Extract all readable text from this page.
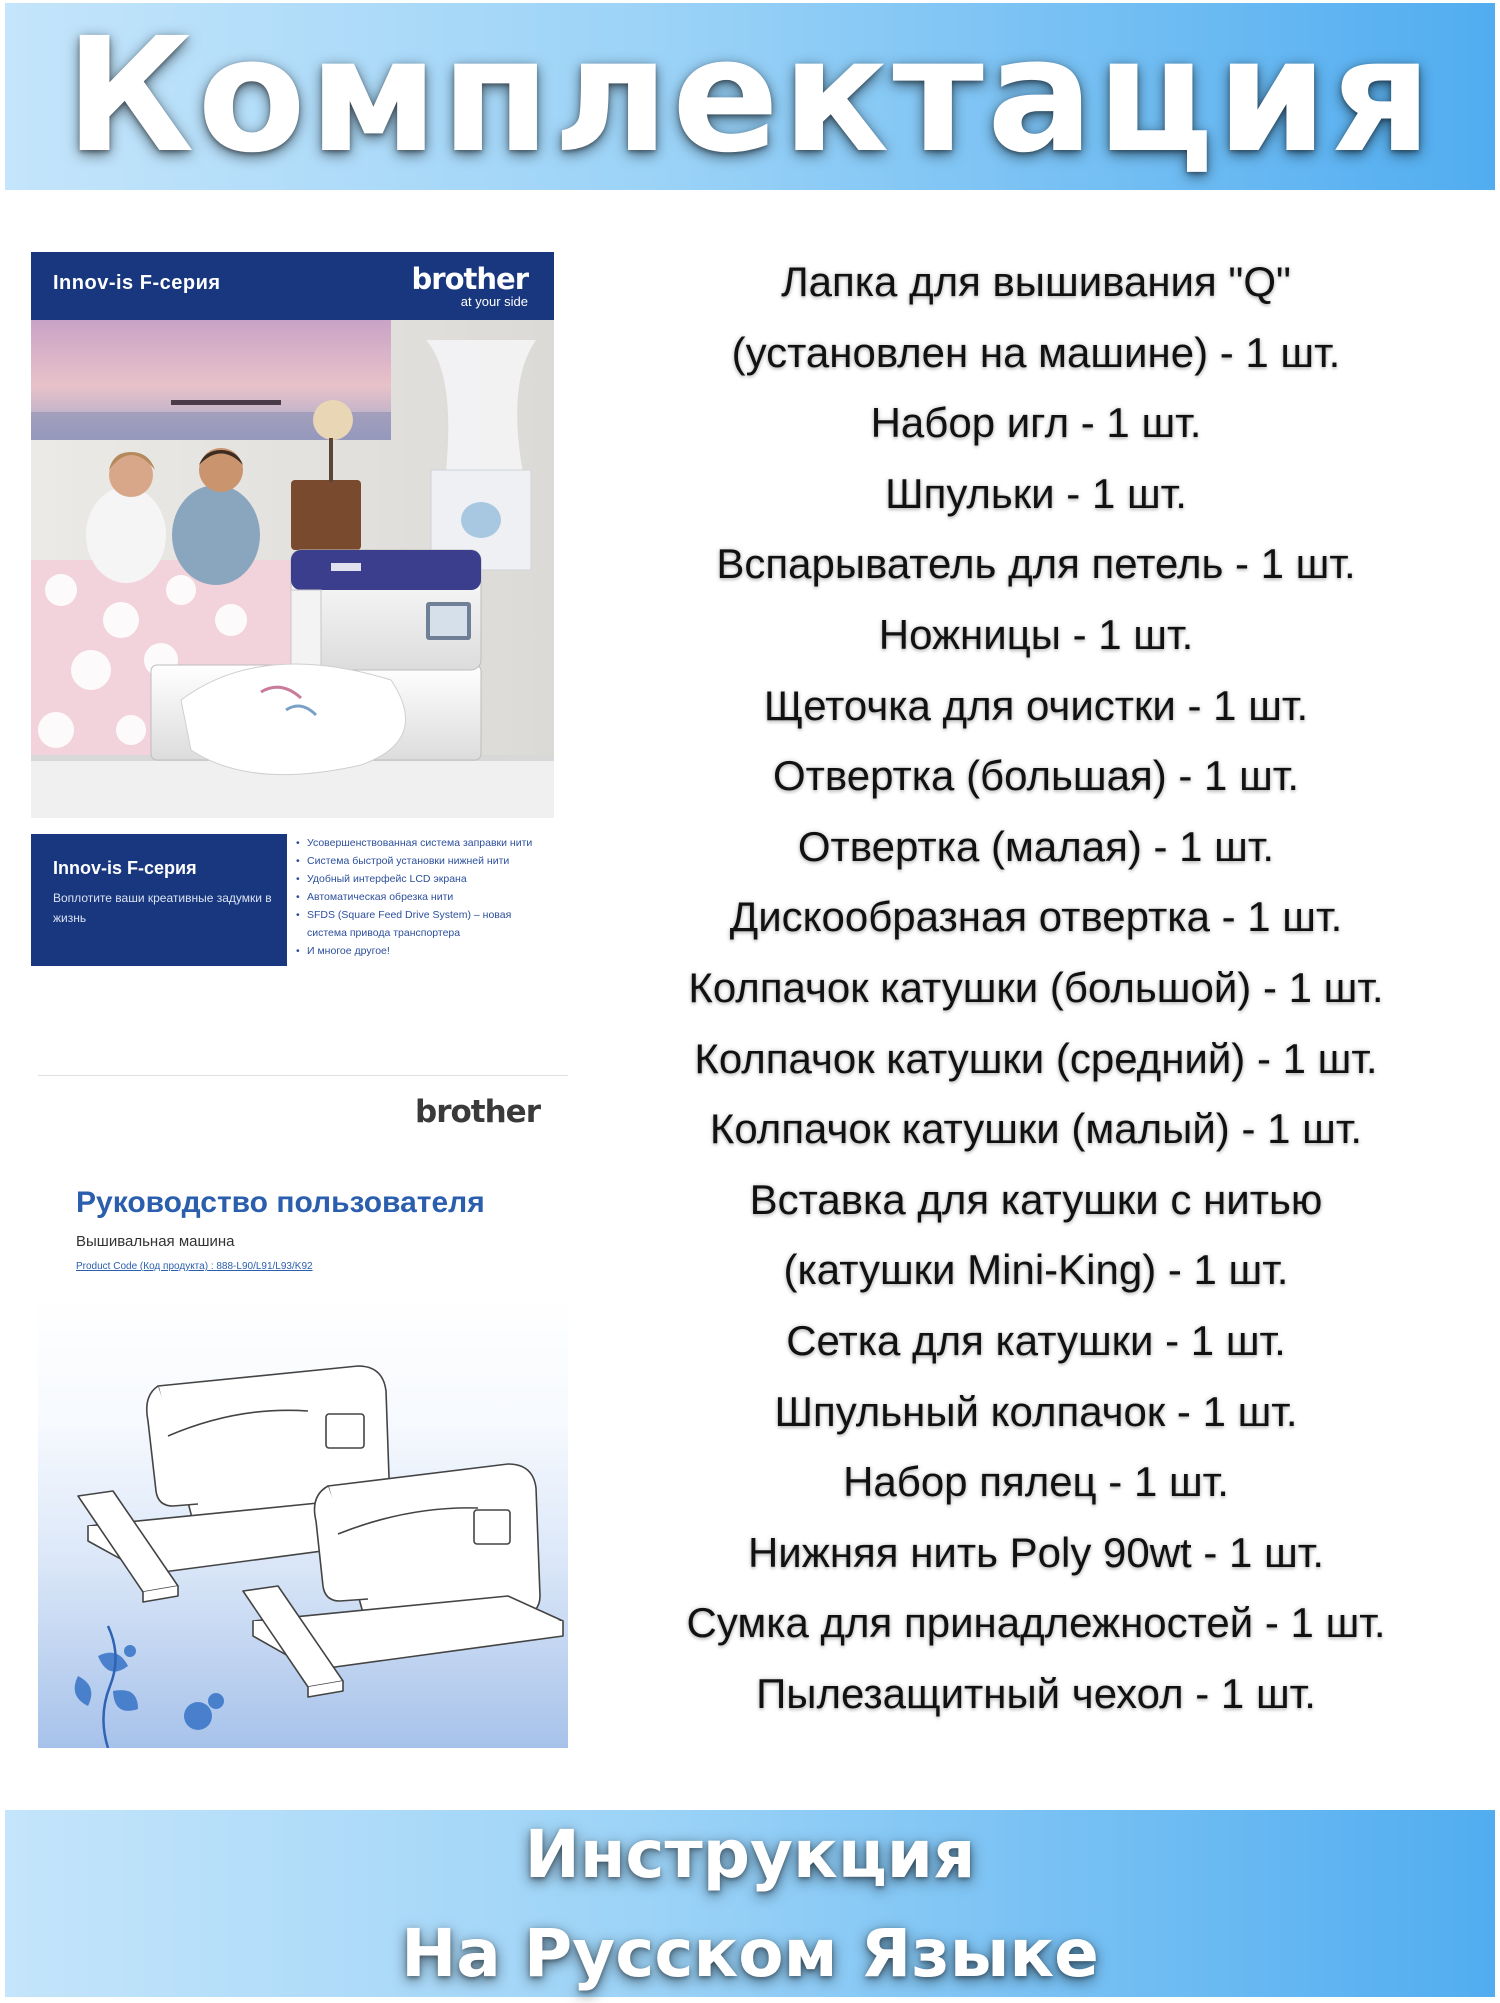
Комплектация
Innov-is F-серия	brother
at your side
Innov-is F-серия
Воплотите ваши креативные задумки в жизнь
• Усовершенствованная система заправки нити
• Система быстрой установки нижней нити
• Удобный интерфейс LCD экрана
• Автоматическая обрезка нити
• SFDS (Square Feed Drive System) – новая система привода транспортера
• И многое другое!
brother
Руководство пользователя
Вышивальная машина
Product Code (Код продукта) : 888-L90/L91/L93/K92
Лапка для вышивания "Q"
(установлен на машине) - 1 шт.
Набор игл - 1 шт.
Шпульки - 1 шт.
Вспарыватель для петель - 1 шт.
Ножницы - 1 шт.
Щеточка для очистки - 1 шт.
Отвертка (большая) - 1 шт.
Отвертка (малая) - 1 шт.
Дискообразная отвертка - 1 шт.
Колпачок катушки (большой) - 1 шт.
Колпачок катушки (средний) - 1 шт.
Колпачок катушки (малый) - 1 шт.
Вставка для катушки с нитью
(катушки Mini-King) - 1 шт.
Сетка для катушки - 1 шт.
Шпульный колпачок - 1 шт.
Набор пялец - 1 шт.
Нижняя нить Poly 90wt - 1 шт.
Сумка для принадлежностей - 1 шт.
Пылезащитный чехол - 1 шт.
Инструкция
На Русском Языке
